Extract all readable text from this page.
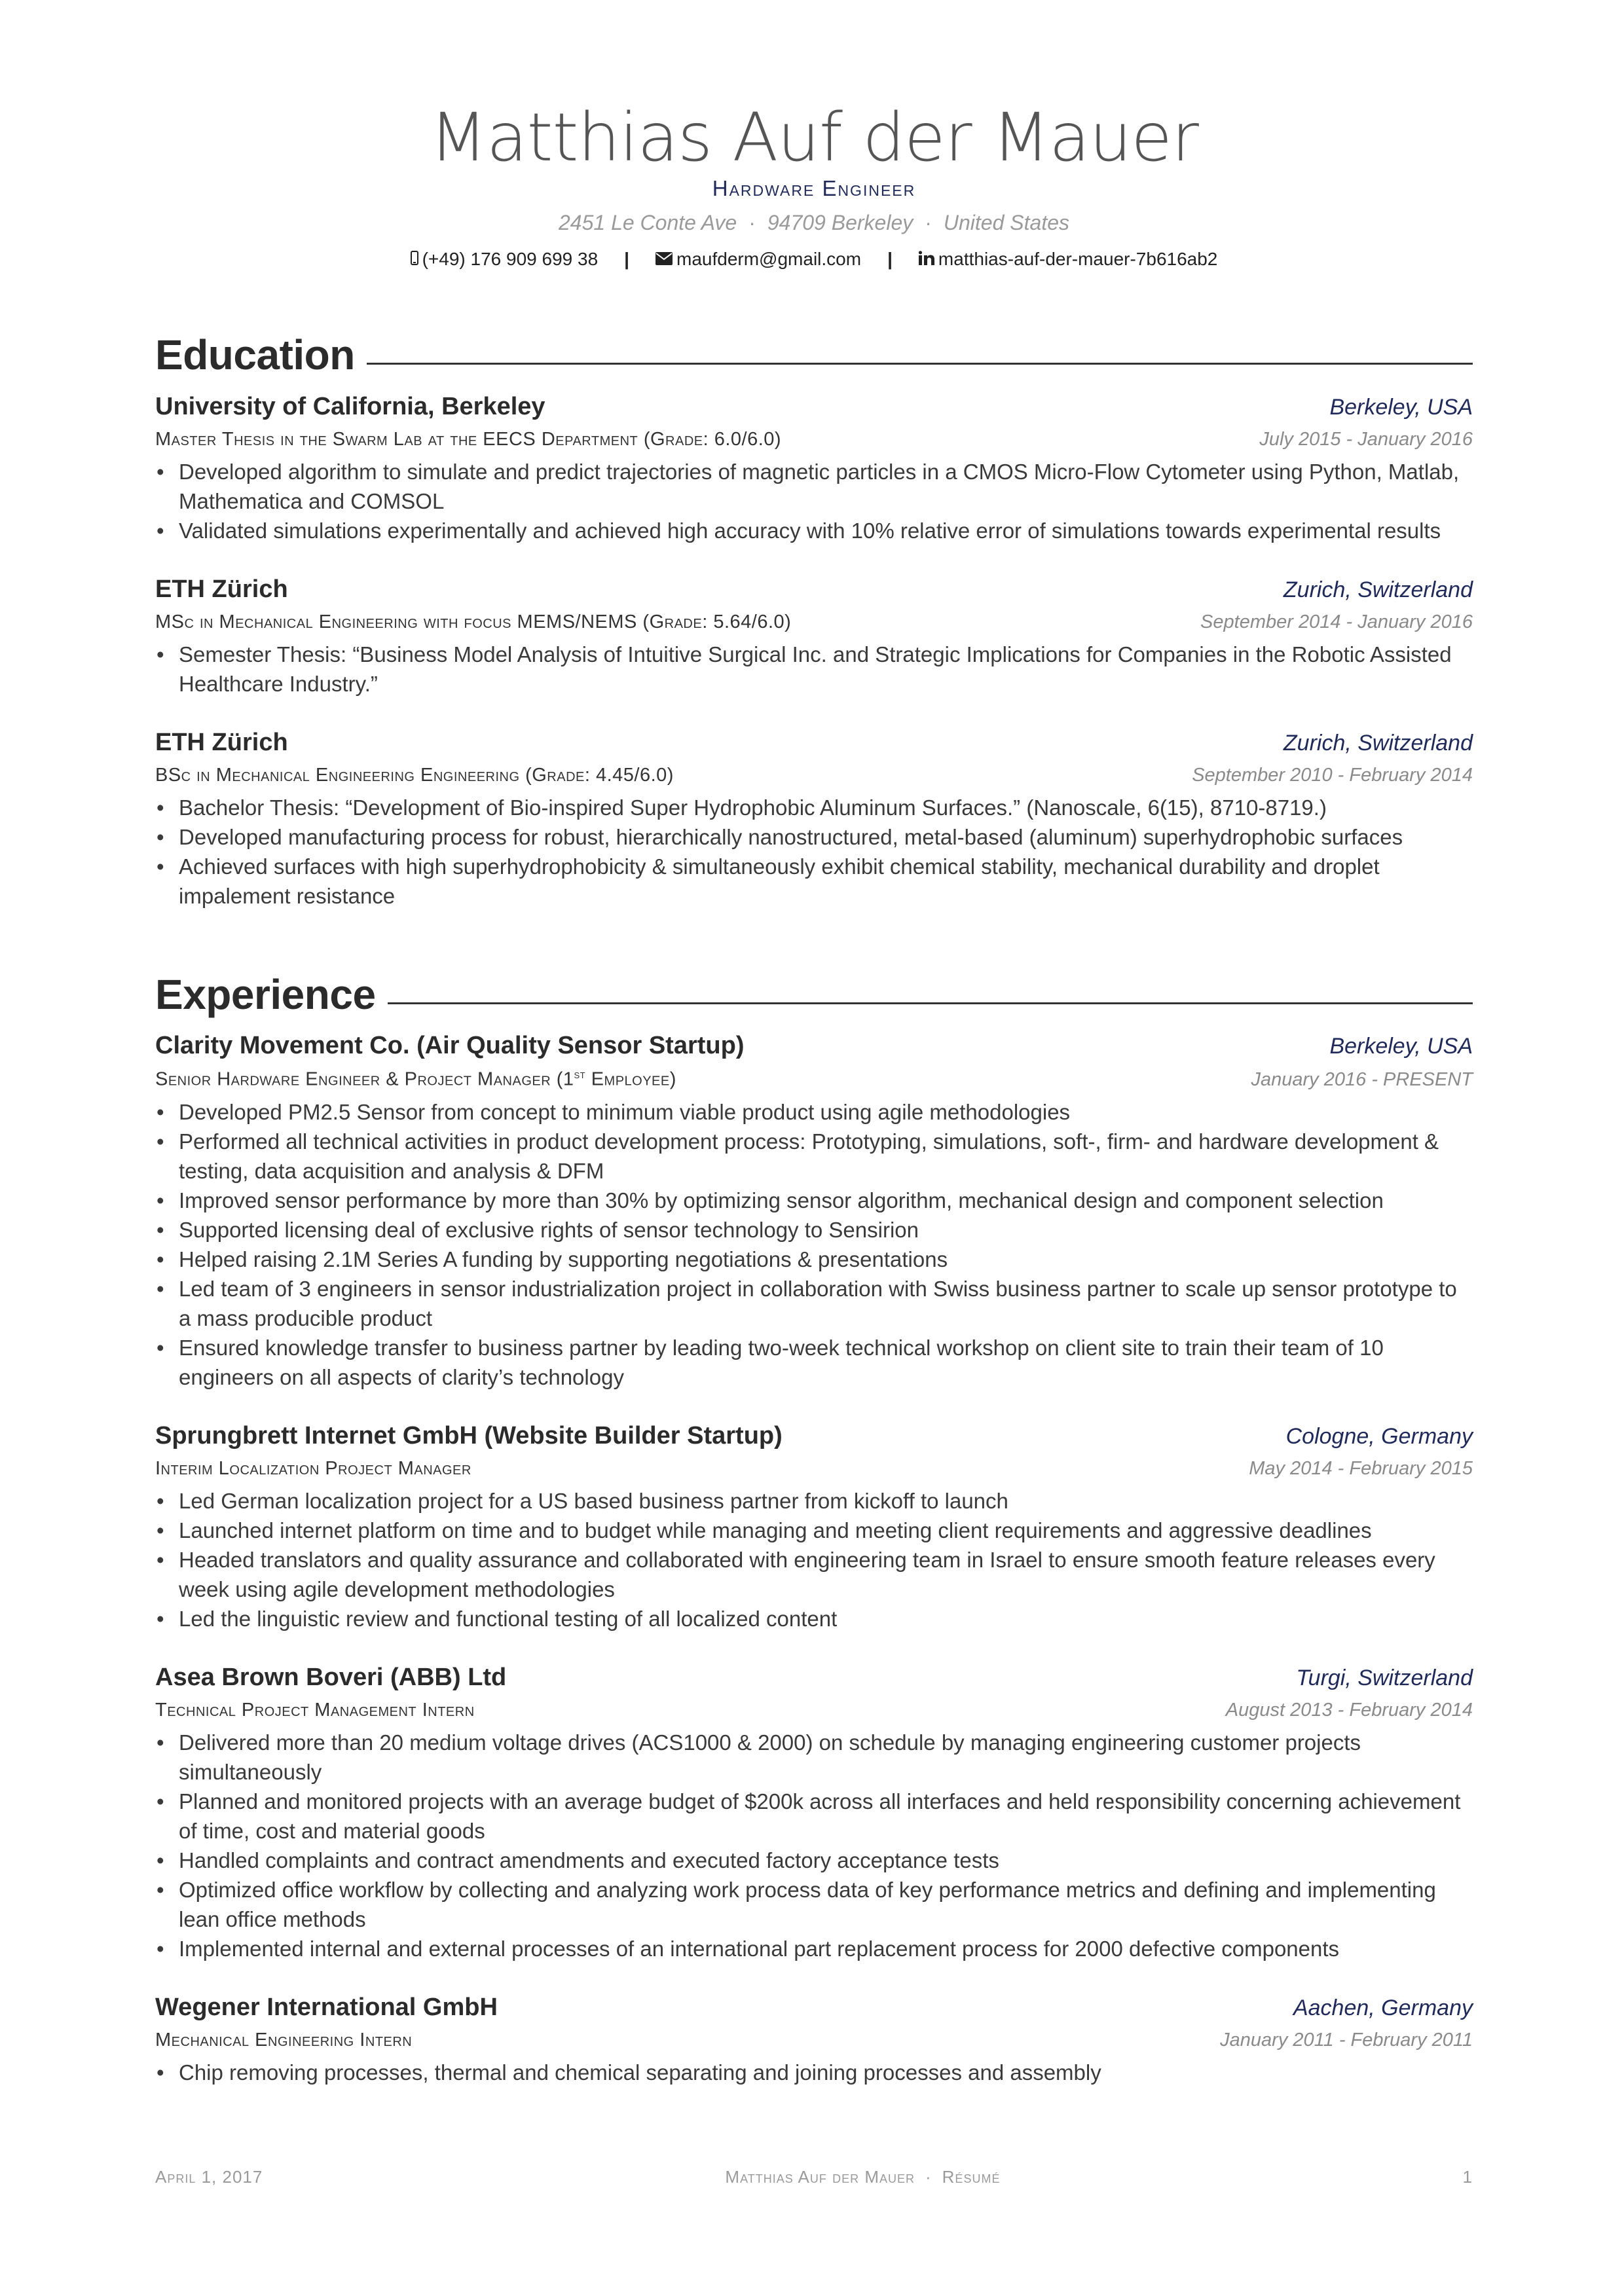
Matthias Auf der Mauer
Hardware Engineer
2451 Le Conte Ave · 94709 Berkeley · United States
(+49) 176 909 699 38 |	maufderm@gmail.com |	matthias-auf-der-mauer-7b616ab2
Education
University of California, Berkeley	Berkeley, USA
Master Thesis in the Swarm Lab at the EECS Department (Grade: 6.0/6.0)	July 2015 - January 2016
• Developed algorithm to simulate and predict trajectories of magnetic particles in a CMOS Micro-Flow Cytometer using Python, Matlab, Mathematica and COMSOL
• Validated simulations experimentally and achieved high accuracy with 10% relative error of simulations towards experimental results
ETH Zürich	Zurich, Switzerland
MSc in Mechanical Engineering with focus MEMS/NEMS (Grade: 5.64/6.0)	September 2014 - January 2016
• Semester Thesis: “Business Model Analysis of Intuitive Surgical Inc. and Strategic Implications for Companies in the Robotic Assisted Healthcare Industry.”
ETH Zürich	Zurich, Switzerland
BSc in Mechanical Engineering Engineering (Grade: 4.45/6.0)	September 2010 - February 2014
• Bachelor Thesis: “Development of Bio-inspired Super Hydrophobic Aluminum Surfaces.” (Nanoscale, 6(15), 8710-8719.)
• Developed manufacturing process for robust, hierarchically nanostructured, metal-based (aluminum) superhydrophobic surfaces
• Achieved surfaces with high superhydrophobicity & simultaneously exhibit chemical stability, mechanical durability and droplet impalement resistance
Experience
Clarity Movement Co. (Air Quality Sensor Startup)	Berkeley, USA
Senior Hardware Engineer & Project Manager (1st Employee)	January 2016 - PRESENT
• Developed PM2.5 Sensor from concept to minimum viable product using agile methodologies
• Performed all technical activities in product development process: Prototyping, simulations, soft-, firm- and hardware development & testing, data acquisition and analysis & DFM
• Improved sensor performance by more than 30% by optimizing sensor algorithm, mechanical design and component selection
• Supported licensing deal of exclusive rights of sensor technology to Sensirion
• Helped raising 2.1M Series A funding by supporting negotiations & presentations
• Led team of 3 engineers in sensor industrialization project in collaboration with Swiss business partner to scale up sensor prototype to a mass producible product
• Ensured knowledge transfer to business partner by leading two-week technical workshop on client site to train their team of 10 engineers on all aspects of clarity’s technology
Sprungbrett Internet GmbH (Website Builder Startup)	Cologne, Germany
Interim Localization Project Manager	May 2014 - February 2015
• Led German localization project for a US based business partner from kickoff to launch
• Launched internet platform on time and to budget while managing and meeting client requirements and aggressive deadlines
• Headed translators and quality assurance and collaborated with engineering team in Israel to ensure smooth feature releases every week using agile development methodologies
• Led the linguistic review and functional testing of all localized content
Asea Brown Boveri (ABB) Ltd	Turgi, Switzerland
Technical Project Management Intern	August 2013 - February 2014
• Delivered more than 20 medium voltage drives (ACS1000 & 2000) on schedule by managing engineering customer projects simultaneously
• Planned and monitored projects with an average budget of $200k across all interfaces and held responsibility concerning achievement of time, cost and material goods
• Handled complaints and contract amendments and executed factory acceptance tests
• Optimized office workflow by collecting and analyzing work process data of key performance metrics and defining and implementing lean office methods
• Implemented internal and external processes of an international part replacement process for 2000 defective components
Wegener International GmbH	Aachen, Germany
Mechanical Engineering Intern	January 2011 - February 2011
• Chip removing processes, thermal and chemical separating and joining processes and assembly
April 1, 2017	Matthias Auf der Mauer · Résumé	1
